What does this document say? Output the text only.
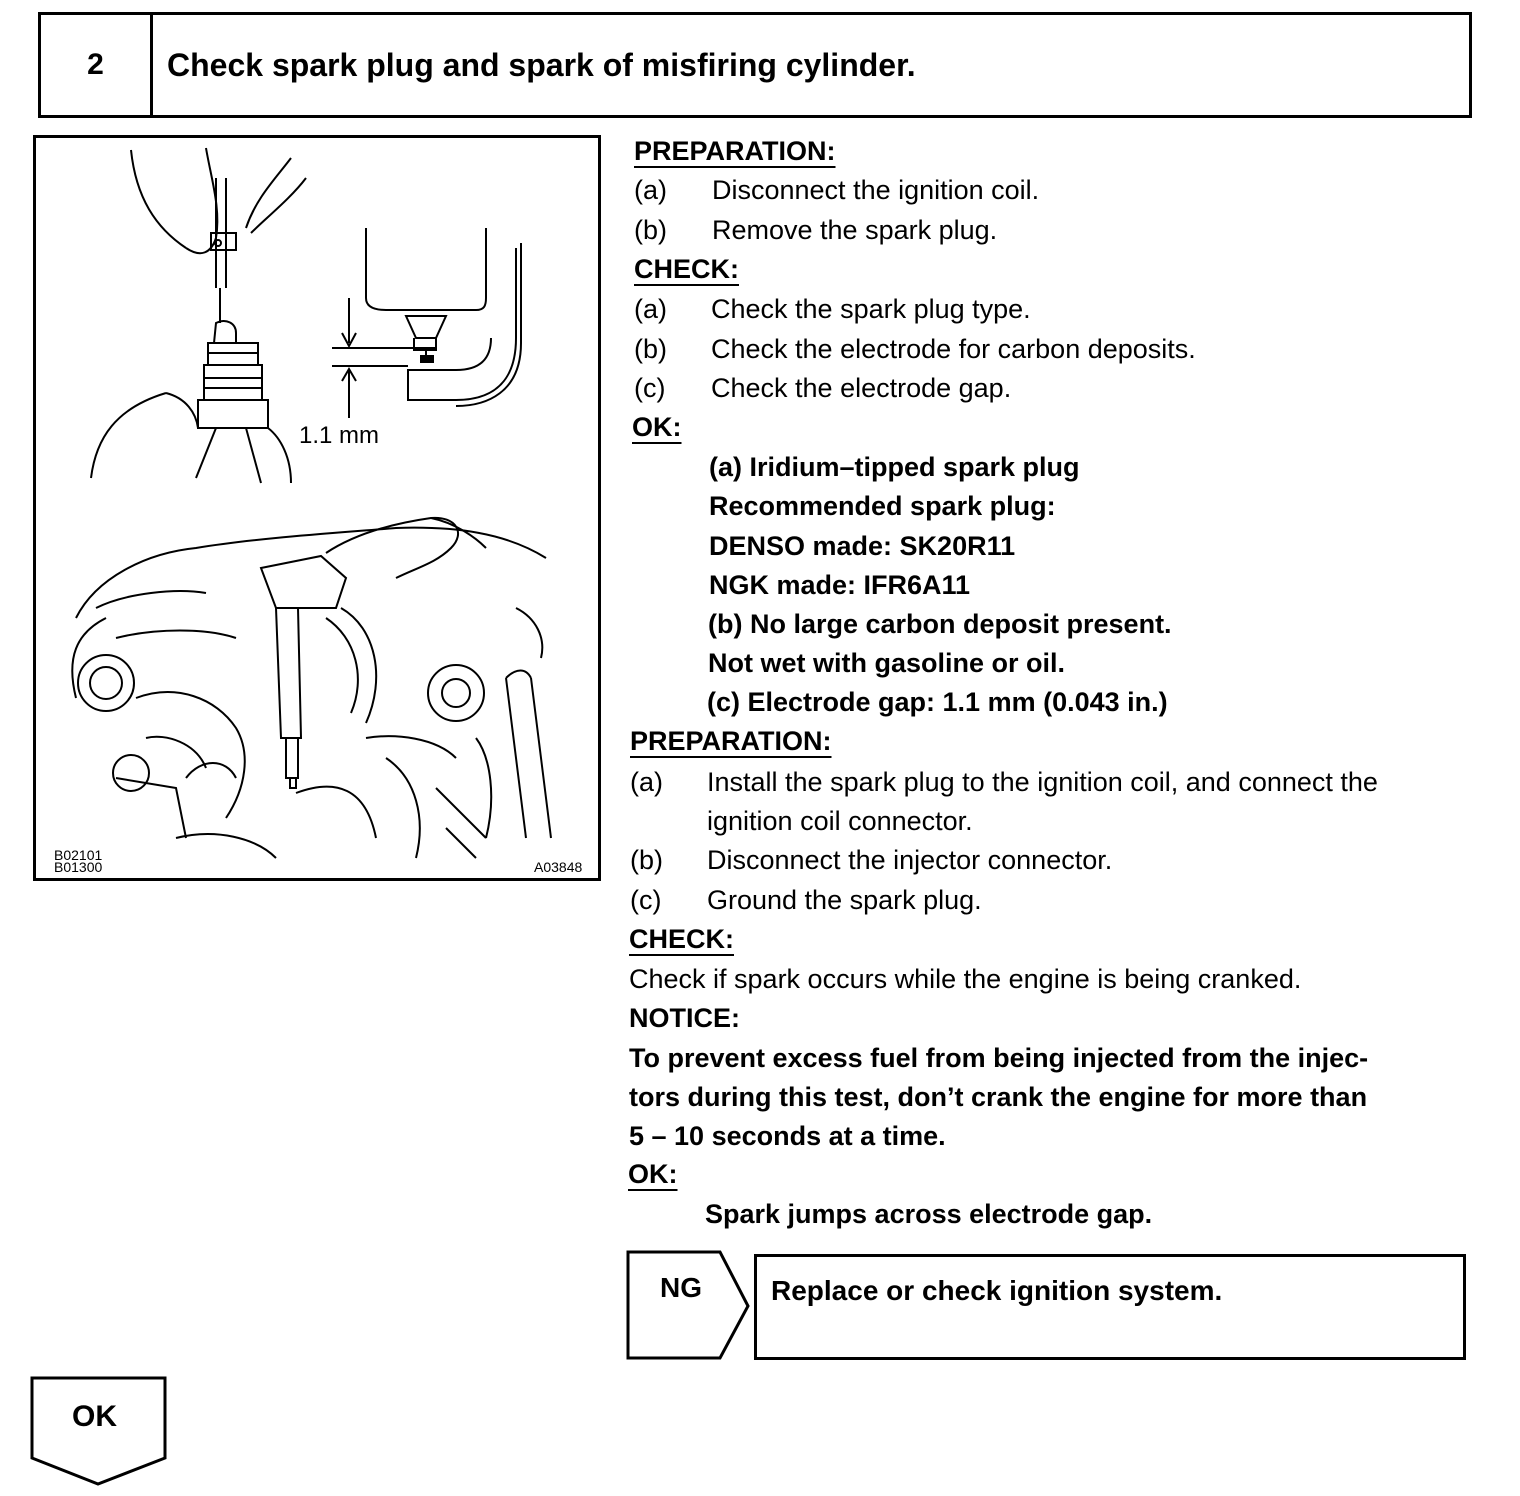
2	Check spark plug and spark of misfiring cylinder.
1.1 mm
B02101
B01300	A03848
PREPARATION:
(a) Disconnect the ignition coil.
(b) Remove the spark plug.
CHECK:
(a) Check the spark plug type.
(b) Check the electrode for carbon deposits.
(c) Check the electrode gap.
OK:
(a) Iridium–tipped spark plug
Recommended spark plug:
DENSO made: SK20R11
NGK made: IFR6A11
(b) No large carbon deposit present.
Not wet with gasoline or oil.
(c) Electrode gap: 1.1 mm (0.043 in.)
PREPARATION:
(a) Install the spark plug to the ignition coil, and connect the
ignition coil connector.
(b) Disconnect the injector connector.
(c) Ground the spark plug.
CHECK:
Check if spark occurs while the engine is being cranked.
NOTICE:
To prevent excess fuel from being injected from the injec-
tors during this test, don’t crank the engine for more than
5 – 10 seconds at a time.
OK:
Spark jumps across electrode gap.
NG Replace or check ignition system.
OK
